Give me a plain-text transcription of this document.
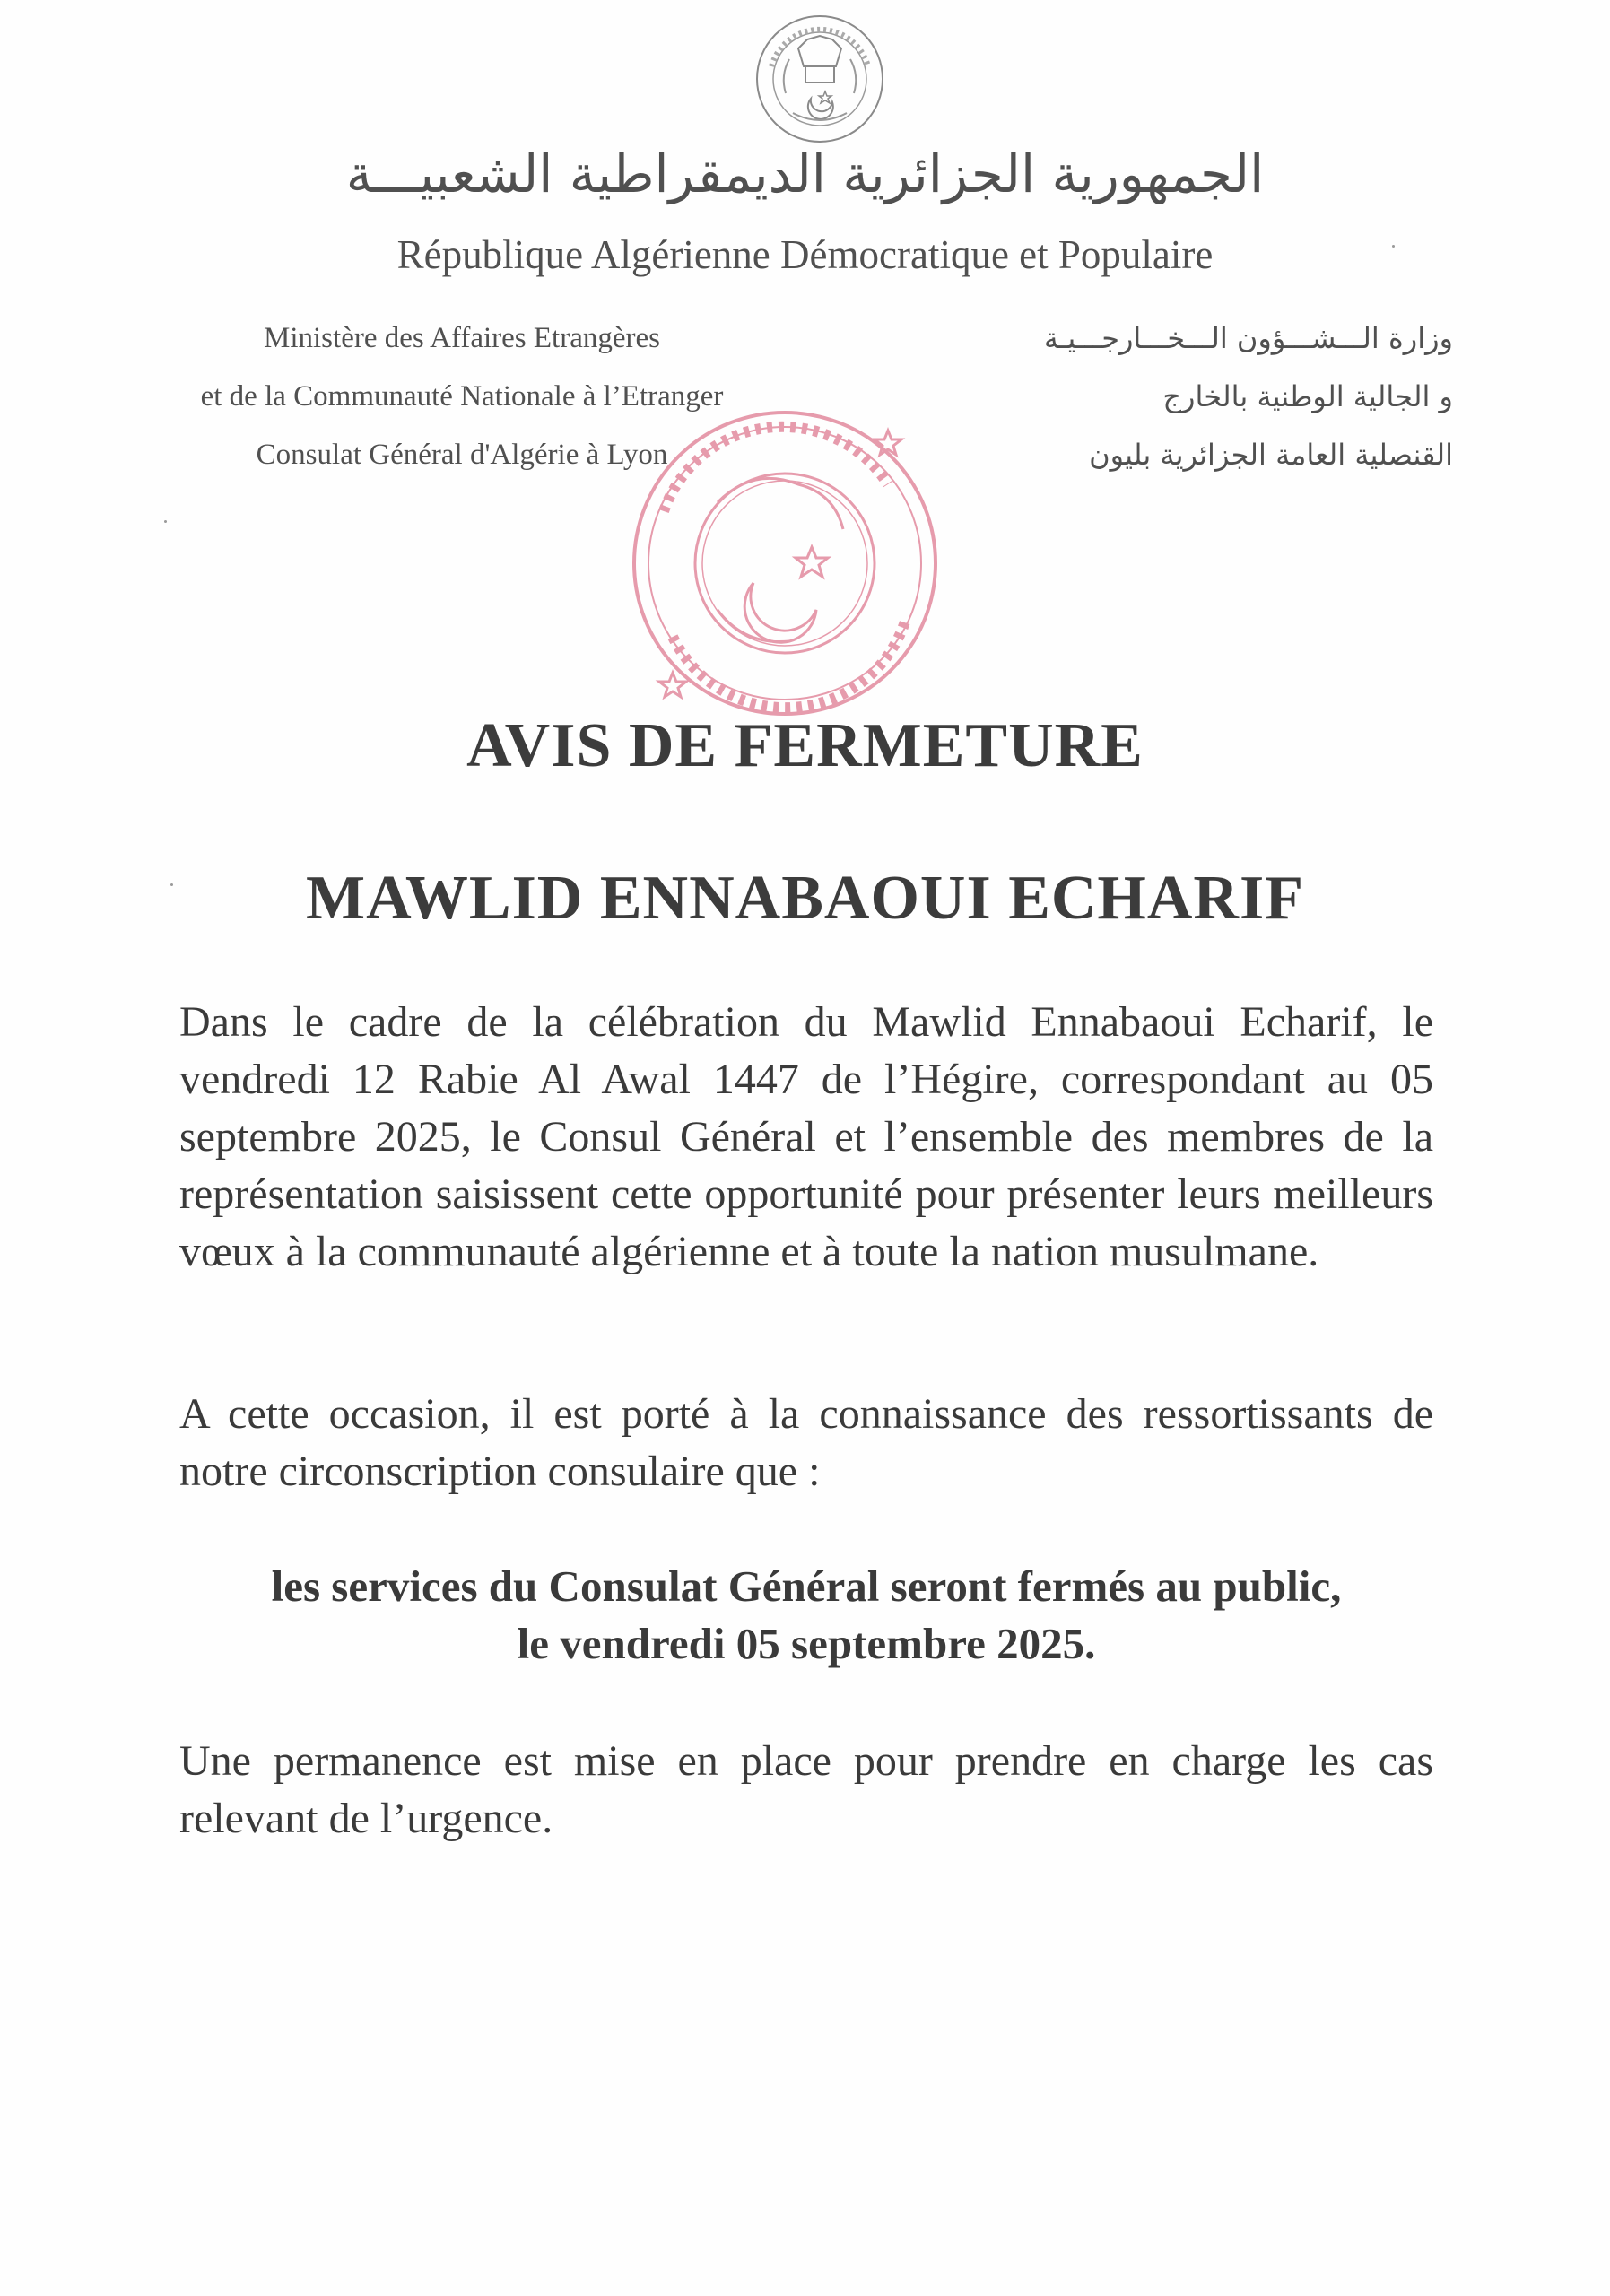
الجمهورية الجزائرية الديمقراطية الشعبيـــة
République Algérienne Démocratique et Populaire
Ministère des Affaires Etrangères
et de la Communauté Nationale à l’Etranger
Consulat Général d'Algérie à Lyon
وزارة الـــشـــؤون الـــخـــارجـــيـة
و الجالية الوطنية بالخارج
القنصلية العامة الجزائرية بليون
AVIS DE FERMETURE
MAWLID ENNABAOUI ECHARIF
Dans le cadre de la célébration du Mawlid Ennabaoui Echarif, le vendredi 12 Rabie Al Awal 1447 de l’Hégire, correspondant au 05 septembre 2025, le Consul Général et l’ensemble des membres de la représentation saisissent cette opportunité pour présenter leurs meilleurs vœux à la communauté algérienne et à toute la nation musulmane.
A cette occasion, il est porté à la connaissance des ressortissants de notre circonscription consulaire que :
les services du Consulat Général seront fermés au public,
le vendredi 05 septembre 2025.
Une permanence est mise en place pour prendre en charge les cas relevant de l’urgence.
